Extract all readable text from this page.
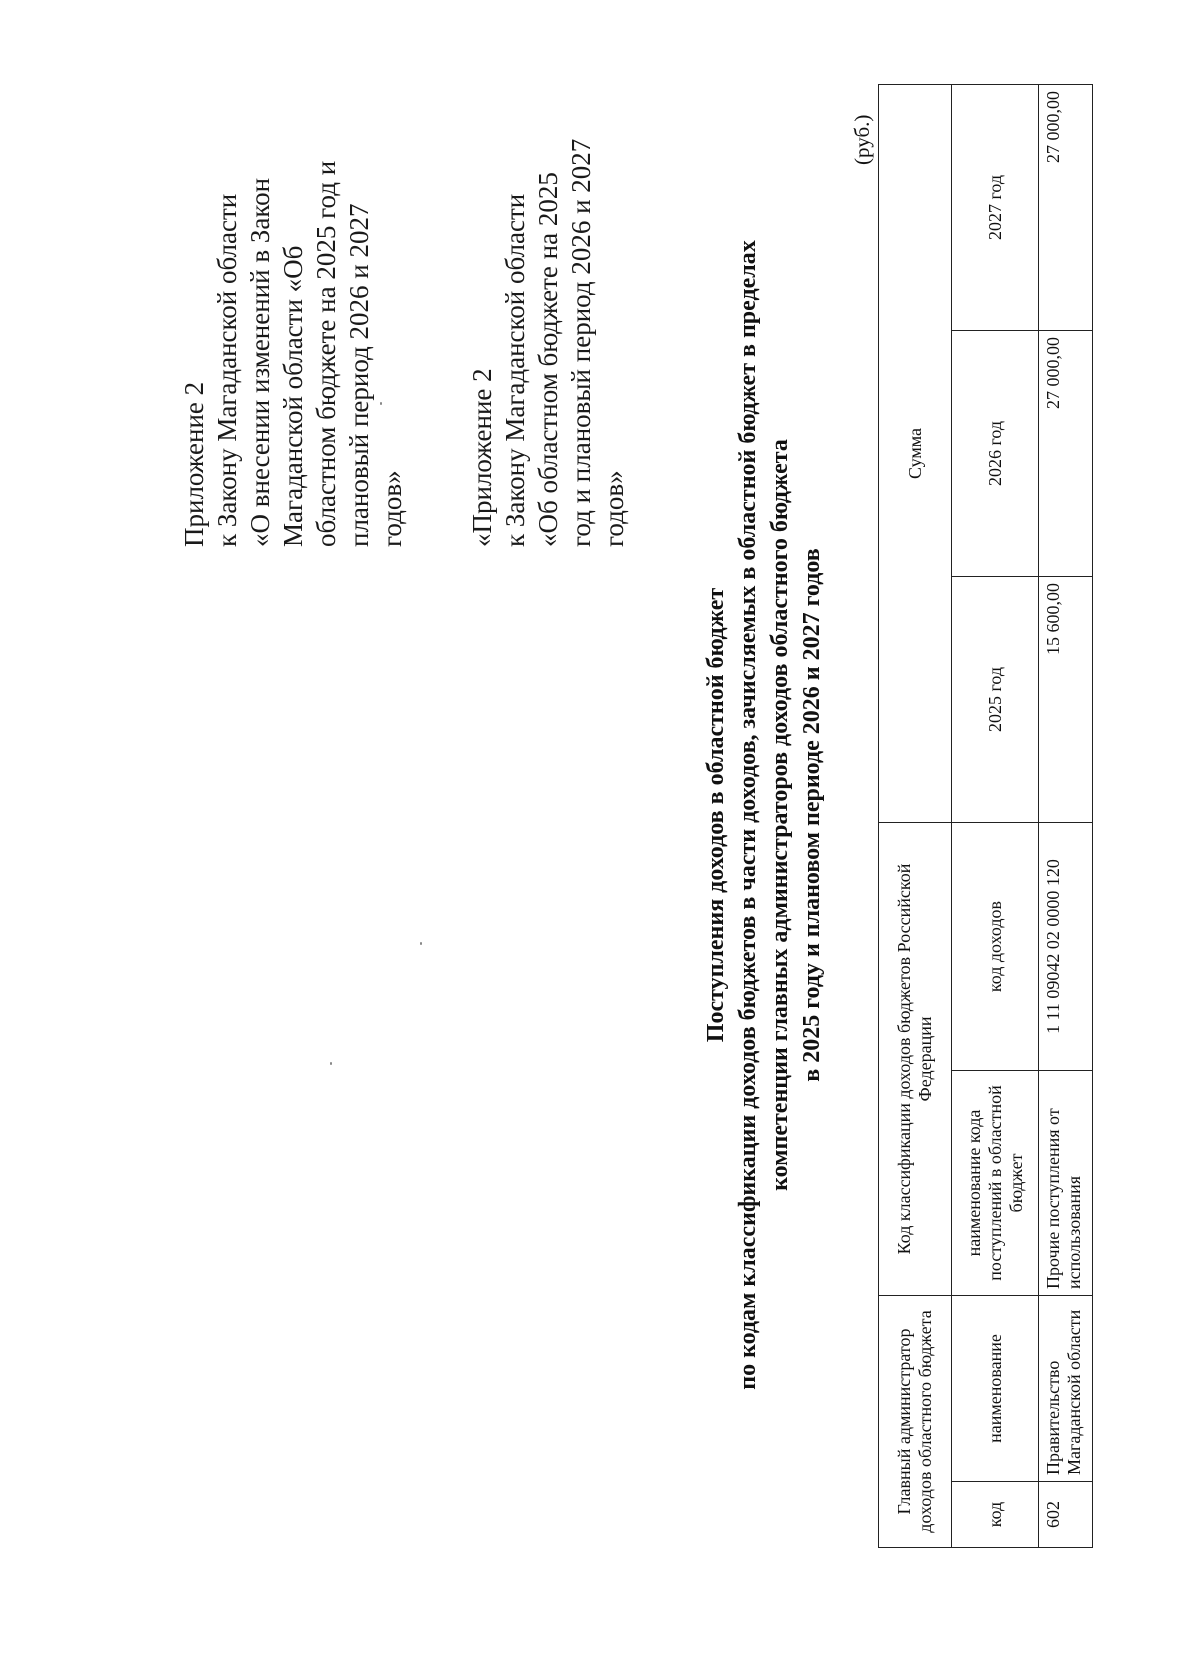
Приложение 2 к Закону Магаданской области «О внесении изменений в Закон Магаданской области «Об областном бюджете на 2025 год и плановый период 2026 и 2027 годов» «Приложение 2 к Закону Магаданской области «Об областном бюджете на 2025 год и плановый период 2026 и 2027 годов»
Поступления доходов в областной бюджет по кодам классификации доходов бюджетов в части доходов, зачисляемых в областной бюджет в пределах компетенции главных администраторов доходов областного бюджета в 2025 году и плановом периоде 2026 и 2027 годов
(руб.)
Главный администратор доходов областного бюджета		Код классификации доходов бюджетов Российской Федерации		Сумма		
код	наименование	наименование кода поступлений в областной бюджет	код доходов	2025 год	2026 год	2027 год
602	Правительство Магаданской области	Прочие поступления от использования	1 11 09042 02 0000 120	15 600,00	27 000,00	27 000,00
